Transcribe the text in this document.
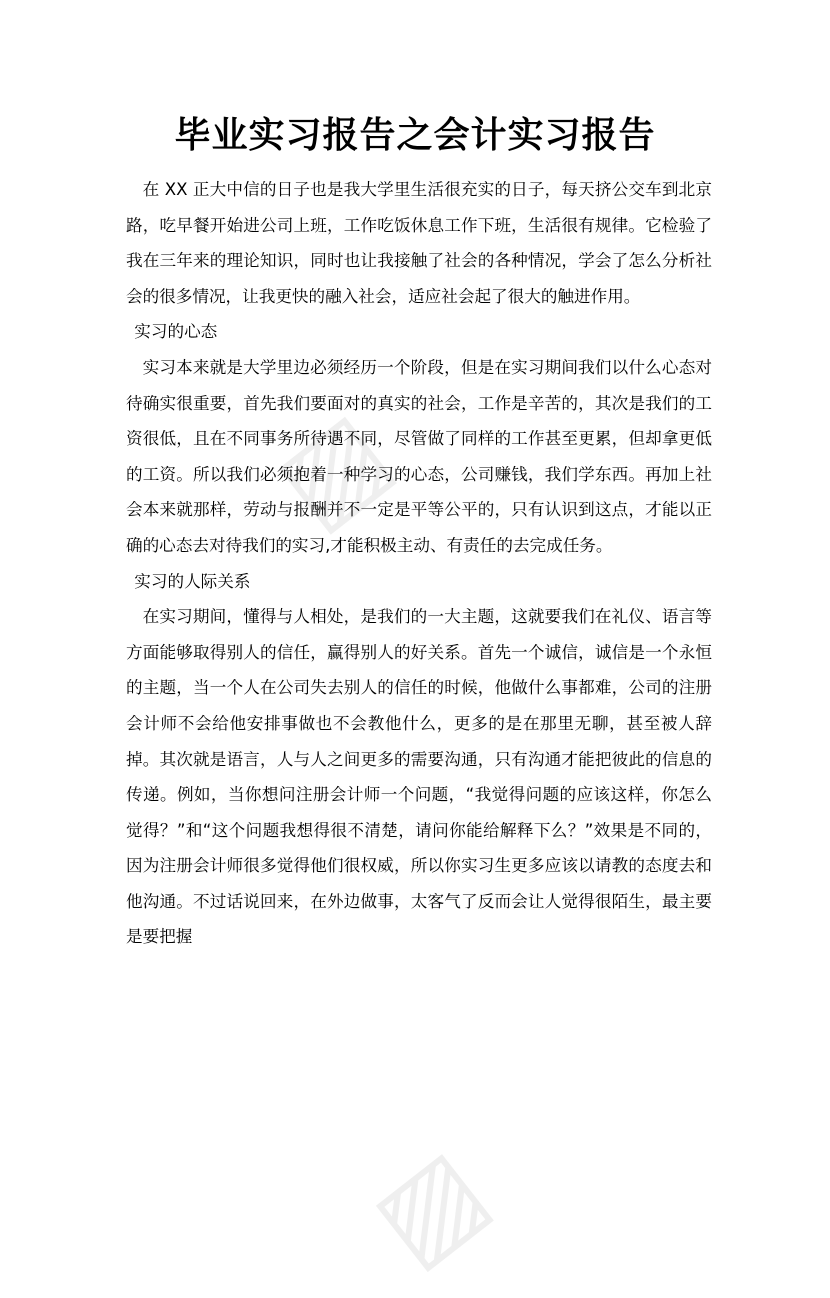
▨
▨
毕业实习报告之会计实习报告

在 XX 正大中信的日子也是我大学里生活很充实的日子，每天挤公交车到北京路，吃早餐开始进公司上班，工作吃饭休息工作下班，生活很有规律。它检验了我在三年来的理论知识，同时也让我接触了社会的各种情况，学会了怎么分析社会的很多情况，让我更快的融入社会，适应社会起了很大的触进作用。

实习的心态

实习本来就是大学里边必须经历一个阶段，但是在实习期间我们以什么心态对待确实很重要，首先我们要面对的真实的社会，工作是辛苦的，其次是我们的工资很低，且在不同事务所待遇不同，尽管做了同样的工作甚至更累，但却拿更低的工资。所以我们必须抱着一种学习的心态，公司赚钱，我们学东西。再加上社会本来就那样，劳动与报酬并不一定是平等公平的，只有认识到这点，才能以正确的心态去对待我们的实习,才能积极主动、有责任的去完成任务。

实习的人际关系

在实习期间，懂得与人相处，是我们的一大主题，这就要我们在礼仪、语言等方面能够取得别人的信任，赢得别人的好关系。首先一个诚信，诚信是一个永恒的主题，当一个人在公司失去别人的信任的时候，他做什么事都难，公司的注册会计师不会给他安排事做也不会教他什么，更多的是在那里无聊，甚至被人辞掉。其次就是语言，人与人之间更多的需要沟通，只有沟通才能把彼此的信息的传递。例如，当你想问注册会计师一个问题，“我觉得问题的应该这样，你怎么觉得？”和“这个问题我想得很不清楚，请问你能给解释下么？”效果是不同的，因为注册会计师很多觉得他们很权威，所以你实习生更多应该以请教的态度去和他沟通。不过话说回来，在外边做事，太客气了反而会让人觉得很陌生，最主要是要把握
